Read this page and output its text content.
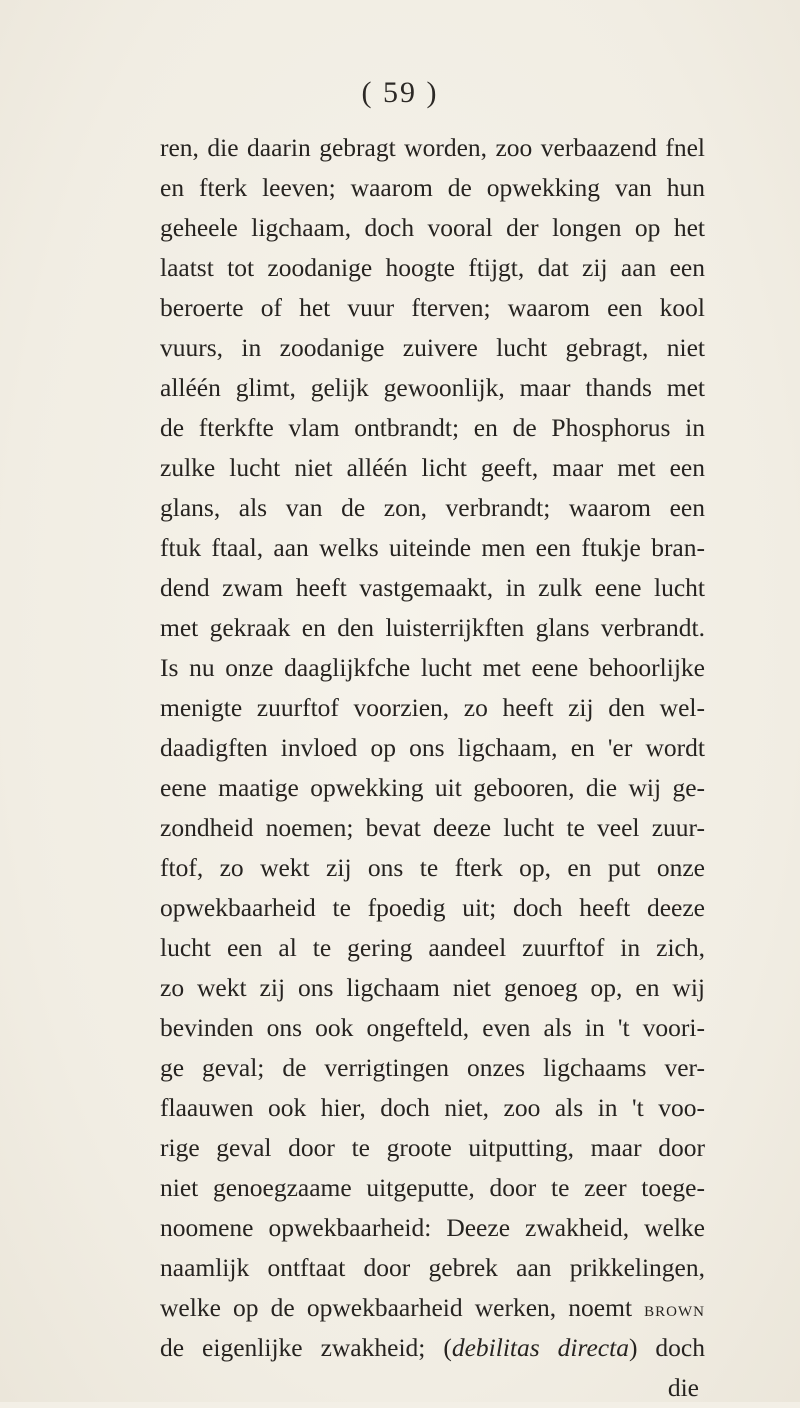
( 59 )
ren, die daarin gebragt worden, zoo verbaazend fnel
en fterk leeven; waarom de opwekking van hun
geheele ligchaam, doch vooral der longen op het
laatst tot zoodanige hoogte ftijgt, dat zij aan een
beroerte of het vuur fterven; waarom een kool
vuurs, in zoodanige zuivere lucht gebragt, niet
alléén glimt, gelijk gewoonlijk, maar thands met
de fterkfte vlam ontbrandt; en de Phosphorus in
zulke lucht niet alléén licht geeft, maar met een
glans, als van de zon, verbrandt; waarom een
ftuk ftaal, aan welks uiteinde men een ftukje bran-
dend zwam heeft vastgemaakt, in zulk eene lucht
met gekraak en den luisterrijkften glans verbrandt.
Is nu onze daaglijkfche lucht met eene behoorlijke
menigte zuurftof voorzien, zo heeft zij den wel-
daadigften invloed op ons ligchaam, en 'er wordt
eene maatige opwekking uit gebooren, die wij ge-
zondheid noemen; bevat deeze lucht te veel zuur-
ftof, zo wekt zij ons te fterk op, en put onze
opwekbaarheid te fpoedig uit; doch heeft deeze
lucht een al te gering aandeel zuurftof in zich,
zo wekt zij ons ligchaam niet genoeg op, en wij
bevinden ons ook ongefteld, even als in 't voori-
ge geval; de verrigtingen onzes ligchaams ver-
flaauwen ook hier, doch niet, zoo als in 't voo-
rige geval door te groote uitputting, maar door
niet genoegzaame uitgeputte, door te zeer toege-
noomene opwekbaarheid: Deeze zwakheid, welke
naamlijk ontftaat door gebrek aan prikkelingen,
welke op de opwekbaarheid werken, noemt brown
de eigenlijke zwakheid; (debilitas directa) doch
die
